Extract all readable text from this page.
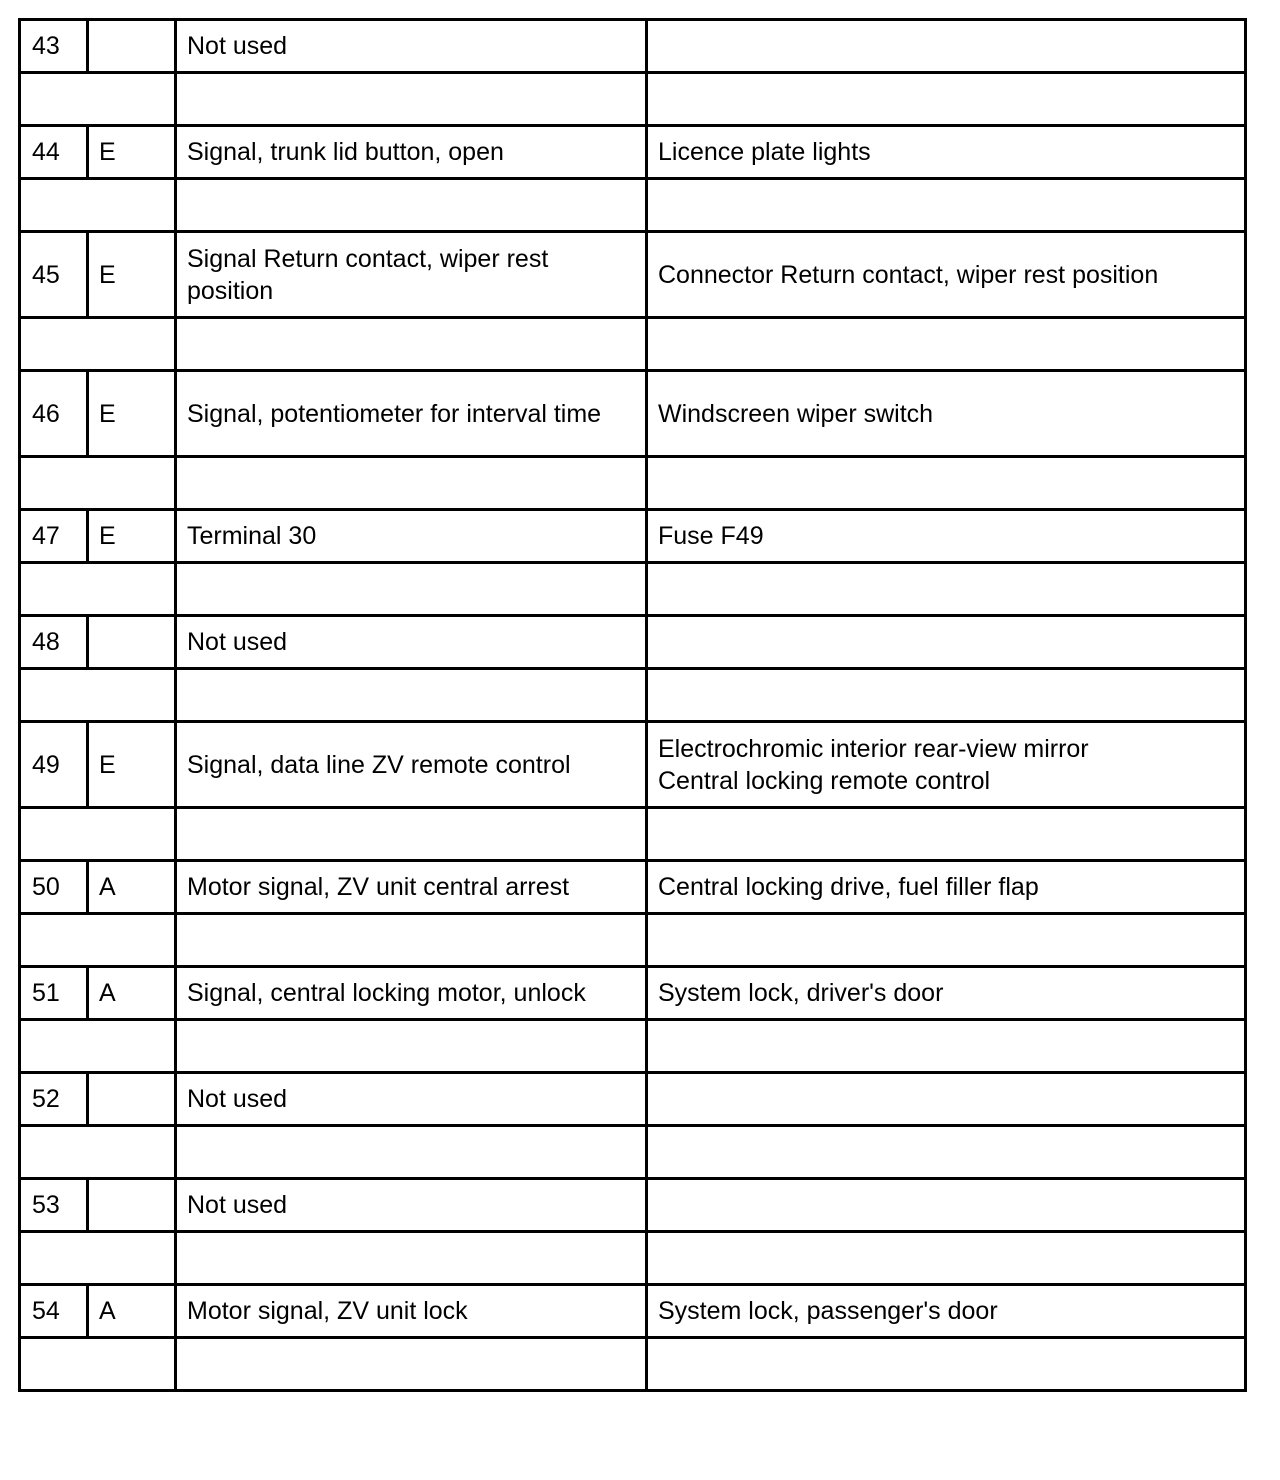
43		Not used	

44	E	Signal, trunk lid button, open	Licence plate lights

45	E	Signal Return contact, wiper rest position	Connector Return contact, wiper rest position

46	E	Signal, potentiometer for interval time	Windscreen wiper switch

47	E	Terminal 30	Fuse F49

48		Not used	

49	E	Signal, data line ZV remote control	Electrochromic interior rear-view mirror
Central locking remote control

50	A	Motor signal, ZV unit central arrest	Central locking drive, fuel filler flap

51	A	Signal, central locking motor, unlock	System lock, driver's door

52		Not used	

53		Not used	

54	A	Motor signal, ZV unit lock	System lock, passenger's door
